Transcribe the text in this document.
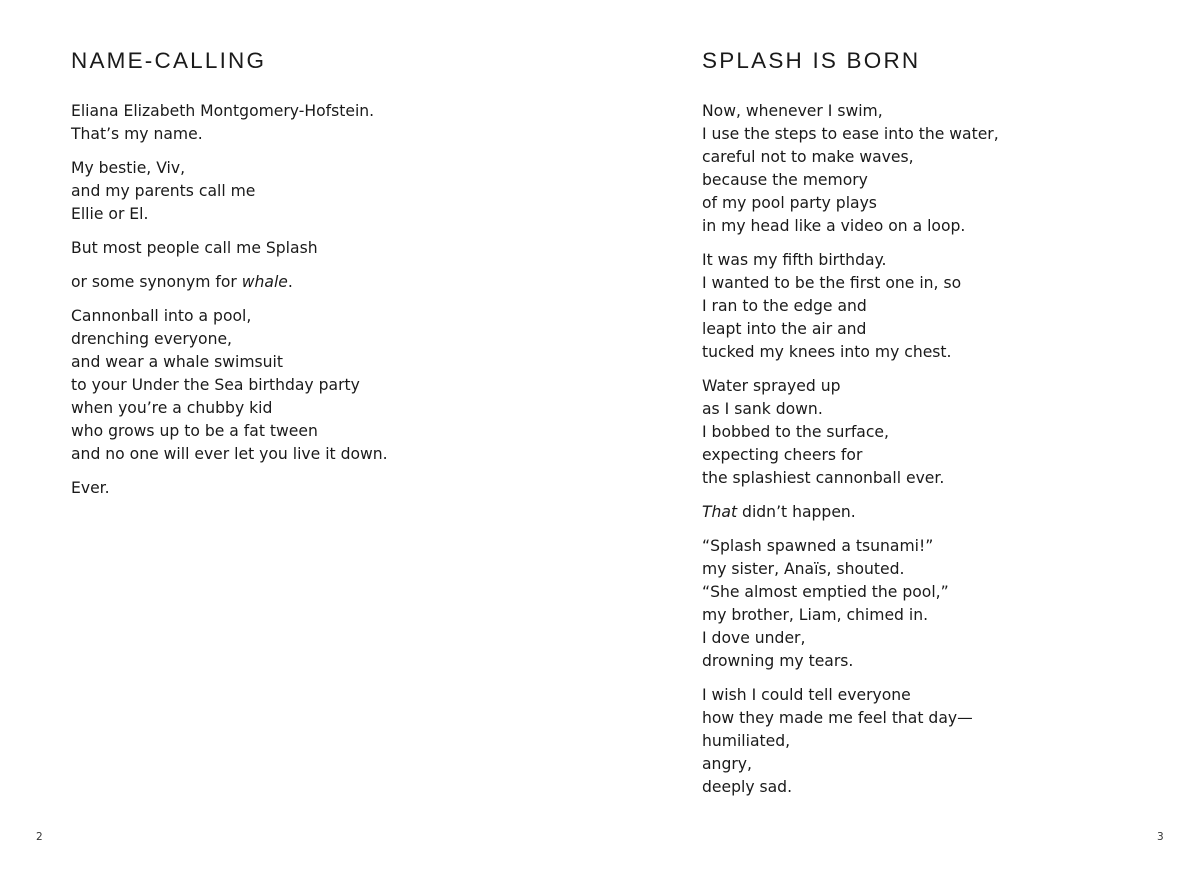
NAME-CALLING
Eliana Elizabeth Montgomery-Hofstein.
That’s my name.
My bestie, Viv,
and my parents call me
Ellie or El.
But most people call me Splash
or some synonym for whale.
Cannonball into a pool,
drenching everyone,
and wear a whale swimsuit
to your Under the Sea birthday party
when you’re a chubby kid
who grows up to be a fat tween
and no one will ever let you live it down.
Ever.
2
SPLASH IS BORN
Now, whenever I swim,
I use the steps to ease into the water,
careful not to make waves,
because the memory
of my pool party plays
in my head like a video on a loop.
It was my fifth birthday.
I wanted to be the first one in, so
I ran to the edge and
leapt into the air and
tucked my knees into my chest.
Water sprayed up
as I sank down.
I bobbed to the surface,
expecting cheers for
the splashiest cannonball ever.
That didn’t happen.
“Splash spawned a tsunami!”
my sister, Anaïs, shouted.
“She almost emptied the pool,”
my brother, Liam, chimed in.
I dove under,
drowning my tears.
I wish I could tell everyone
how they made me feel that day—
humiliated,
angry,
deeply sad.
3
